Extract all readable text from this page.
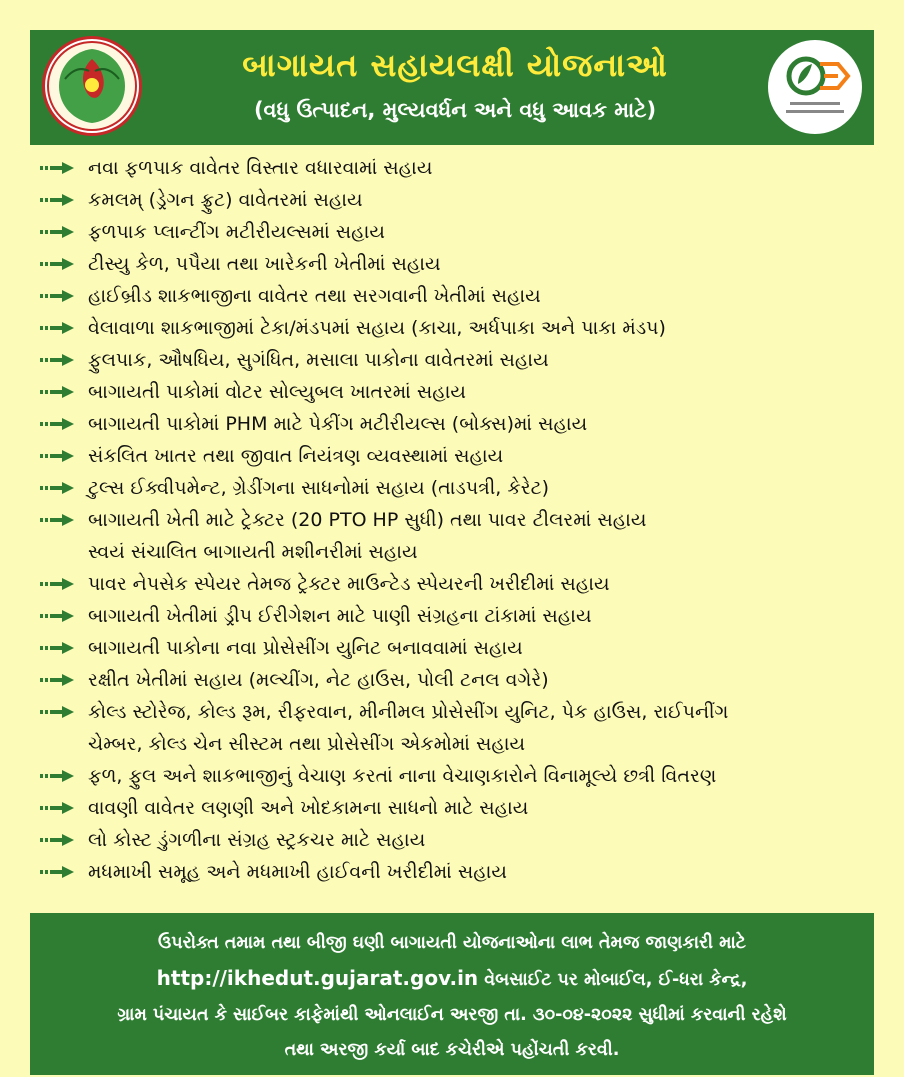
બાગાયત સહાયલક્ષી યોજનાઓ
(વધુ ઉત્પાદન, મુલ્યવર્ધન અને વધુ આવક માટે)
નવા ફળપાક વાવેતર વિસ્તાર વધારવામાં સહાય
કમલમ્ (ડ્રેગન ફ્રુટ) વાવેતરમાં સહાય
ફળપાક પ્લાન્ટીંગ મટીરીયલ્સમાં સહાય
ટીસ્યુ કેળ, પપૈયા તથા ખારેકની ખેતીમાં સહાય
હાઈબ્રીડ શાકભાજીના વાવેતર તથા સરગવાની ખેતીમાં સહાય
વેલાવાળા શાકભાજીમાં ટેકા/મંડપમાં સહાય (કાચા, અર્ધપાકા અને પાકા મંડપ)
ફુલપાક, ઔષધિય, સુગંધિત, મસાલા પાકોના વાવેતરમાં સહાય
બાગાયતી પાકોમાં વોટર સોલ્યુબલ ખાતરમાં સહાય
બાગાયતી પાકોમાં PHM માટે પેકીંગ મટીરીયલ્સ (બોક્સ)માં સહાય
સંકલિત ખાતર તથા જીવાત નિયંત્રણ વ્યવસ્થામાં સહાય
ટુલ્સ ઈક્વીપમેન્ટ, ગ્રેડીંગના સાધનોમાં સહાય (તાડપત્રી, કેરેટ)
બાગાયતી ખેતી માટે ટ્રેક્ટર (20 PTO HP સુધી) તથા પાવર ટીલરમાં સહાય
સ્વયં સંચાલિત બાગાયતી મશીનરીમાં સહાય
પાવર નેપસેક સ્પેયર તેમજ ટ્રેક્ટર માઉન્ટેડ સ્પેયરની ખરીદીમાં સહાય
બાગાયતી ખેતીમાં ડ્રીપ ઈરીગેશન માટે પાણી સંગ્રહના ટાંકામાં સહાય
બાગાયતી પાકોના નવા પ્રોસેસીંગ યુનિટ બનાવવામાં સહાય
રક્ષીત ખેતીમાં સહાય (મલ્ચીંગ, નેટ હાઉસ, પોલી ટનલ વગેરે)
કોલ્ડ સ્ટોરેજ, કોલ્ડ રૂમ, રીફરવાન, મીનીમલ પ્રોસેસીંગ યુનિટ, પેક હાઉસ, રાઈપનીંગ
ચેમ્બર, કોલ્ડ ચેન સીસ્ટમ તથા પ્રોસેસીંગ એકમોમાં સહાય
ફળ, ફુલ અને શાકભાજીનું વેચાણ કરતાં નાના વેચાણકારોને વિનામૂલ્યે છત્રી વિતરણ
વાવણી વાવેતર લણણી અને ખોદકામના સાધનો માટે સહાય
લો કોસ્ટ ડુંગળીના સંગ્રહ સ્ટ્રકચર માટે સહાય
મધમાખી સમૂહ અને મધમાખી હાઈવની ખરીદીમાં સહાય
ઉપરોક્ત તમામ તથા બીજી ઘણી બાગાયતી યોજનાઓના લાભ તેમજ જાણકારી માટે
http://ikhedut.gujarat.gov.in વેબસાઈટ પર મોબાઈલ, ઈ-ધરા કેન્દ્ર,
ગ્રામ પંચાયત કે સાઈબર કાફેમાંથી ઓનલાઈન અરજી તા. ૩૦-૦૪-૨૦૨૨ સુધીમાં કરવાની રહેશે
તથા અરજી કર્યા બાદ કચેરીએ પહોંચતી કરવી.
